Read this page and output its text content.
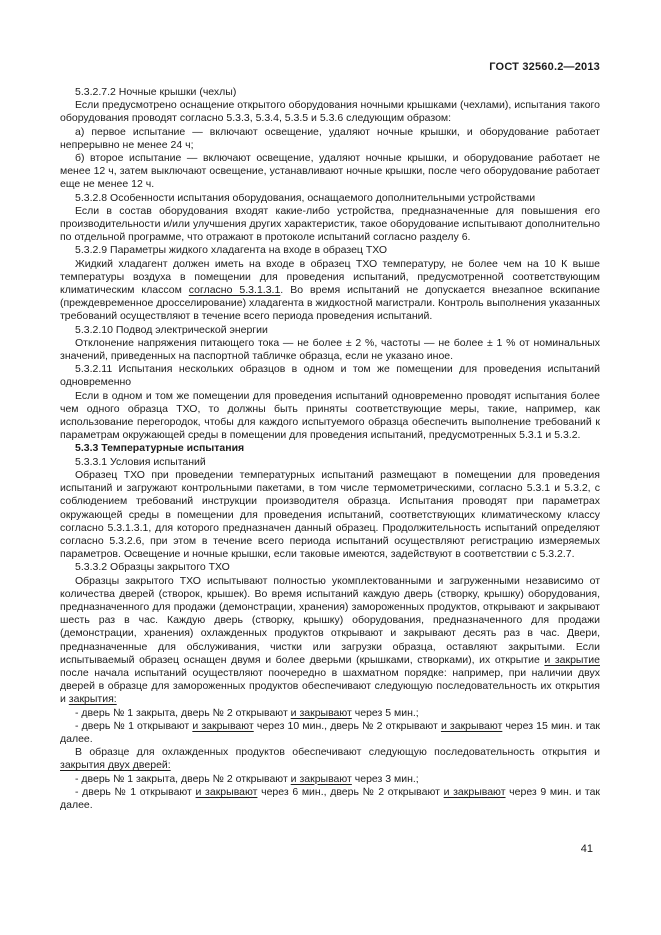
ГОСТ 32560.2—2013

5.3.2.7.2 Ночные крышки (чехлы)

Если предусмотрено оснащение открытого оборудования ночными крышками (чехлами), испытания такого оборудования проводят согласно 5.3.3, 5.3.4, 5.3.5 и 5.3.6 следующим образом:

а) первое испытание — включают освещение, удаляют ночные крышки, и оборудование работает непрерывно не менее 24 ч;

б) второе испытание — включают освещение, удаляют ночные крышки, и оборудование работает не менее 12 ч, затем выключают освещение, устанавливают ночные крышки, после чего оборудование работает еще не менее 12 ч.

5.3.2.8 Особенности испытания оборудования, оснащаемого дополнительными устройствами

Если в состав оборудования входят какие-либо устройства, предназначенные для повышения его производительности и/или улучшения других характеристик, такое оборудование испытывают дополнительно по отдельной программе, что отражают в протоколе испытаний согласно разделу 6.

5.3.2.9 Параметры жидкого хладагента на входе в образец ТХО

Жидкий хладагент должен иметь на входе в образец ТХО температуру, не более чем на 10 К выше температуры воздуха в помещении для проведения испытаний, предусмотренной соответствующим климатическим классом согласно 5.3.1.3.1. Во время испытаний не допускается внезапное вскипание (преждевременное дросселирование) хладагента в жидкостной магистрали. Контроль выполнения указанных требований осуществляют в течение всего периода проведения испытаний.

5.3.2.10 Подвод электрической энергии

Отклонение напряжения питающего тока — не более ± 2 %, частоты — не более ± 1 % от номинальных значений, приведенных на паспортной табличке образца, если не указано иное.

5.3.2.11 Испытания нескольких образцов в одном и том же помещении для проведения испытаний одновременно

Если в одном и том же помещении для проведения испытаний одновременно проводят испытания более чем одного образца ТХО, то должны быть приняты соответствующие меры, такие, например, как использование перегородок, чтобы для каждого испытуемого образца обеспечить выполнение требований к параметрам окружающей среды в помещении для проведения испытаний, предусмотренных 5.3.1 и 5.3.2.

5.3.3 Температурные испытания

5.3.3.1 Условия испытаний

Образец ТХО при проведении температурных испытаний размещают в помещении для проведения испытаний и загружают контрольными пакетами, в том числе термометрическими, согласно 5.3.1 и 5.3.2, с соблюдением требований инструкции производителя образца. Испытания проводят при параметрах окружающей среды в помещении для проведения испытаний, соответствующих климатическому классу согласно 5.3.1.3.1, для которого предназначен данный образец. Продолжительность испытаний определяют согласно 5.3.2.6, при этом в течение всего периода испытаний осуществляют регистрацию измеряемых параметров. Освещение и ночные крышки, если таковые имеются, задействуют в соответствии с 5.3.2.7.

5.3.3.2 Образцы закрытого ТХО

Образцы закрытого ТХО испытывают полностью укомплектованными и загруженными независимо от количества дверей (створок, крышек). Во время испытаний каждую дверь (створку, крышку) оборудования, предназначенного для продажи (демонстрации, хранения) замороженных продуктов, открывают и закрывают шесть раз в час. Каждую дверь (створку, крышку) оборудования, предназначенного для продажи (демонстрации, хранения) охлажденных продуктов открывают и закрывают десять раз в час. Двери, предназначенные для обслуживания, чистки или загрузки образца, оставляют закрытыми. Если испытываемый образец оснащен двумя и более дверьми (крышками, створками), их открытие и закрытие после начала испытаний осуществляют поочередно в шахматном порядке: например, при наличии двух дверей в образце для замороженных продуктов обеспечивают следующую последовательность их открытия и закрытия:

- дверь № 1 закрыта, дверь № 2 открывают и закрывают через 5 мин.;

- дверь № 1 открывают и закрывают через 10 мин., дверь № 2 открывают и закрывают через 15 мин. и так далее.

В образце для охлажденных продуктов обеспечивают следующую последовательность открытия и закрытия двух дверей:

- дверь № 1 закрыта, дверь № 2 открывают и закрывают через 3 мин.;

- дверь № 1 открывают и закрывают через 6 мин., дверь № 2 открывают и закрывают через 9 мин. и так далее.

41
